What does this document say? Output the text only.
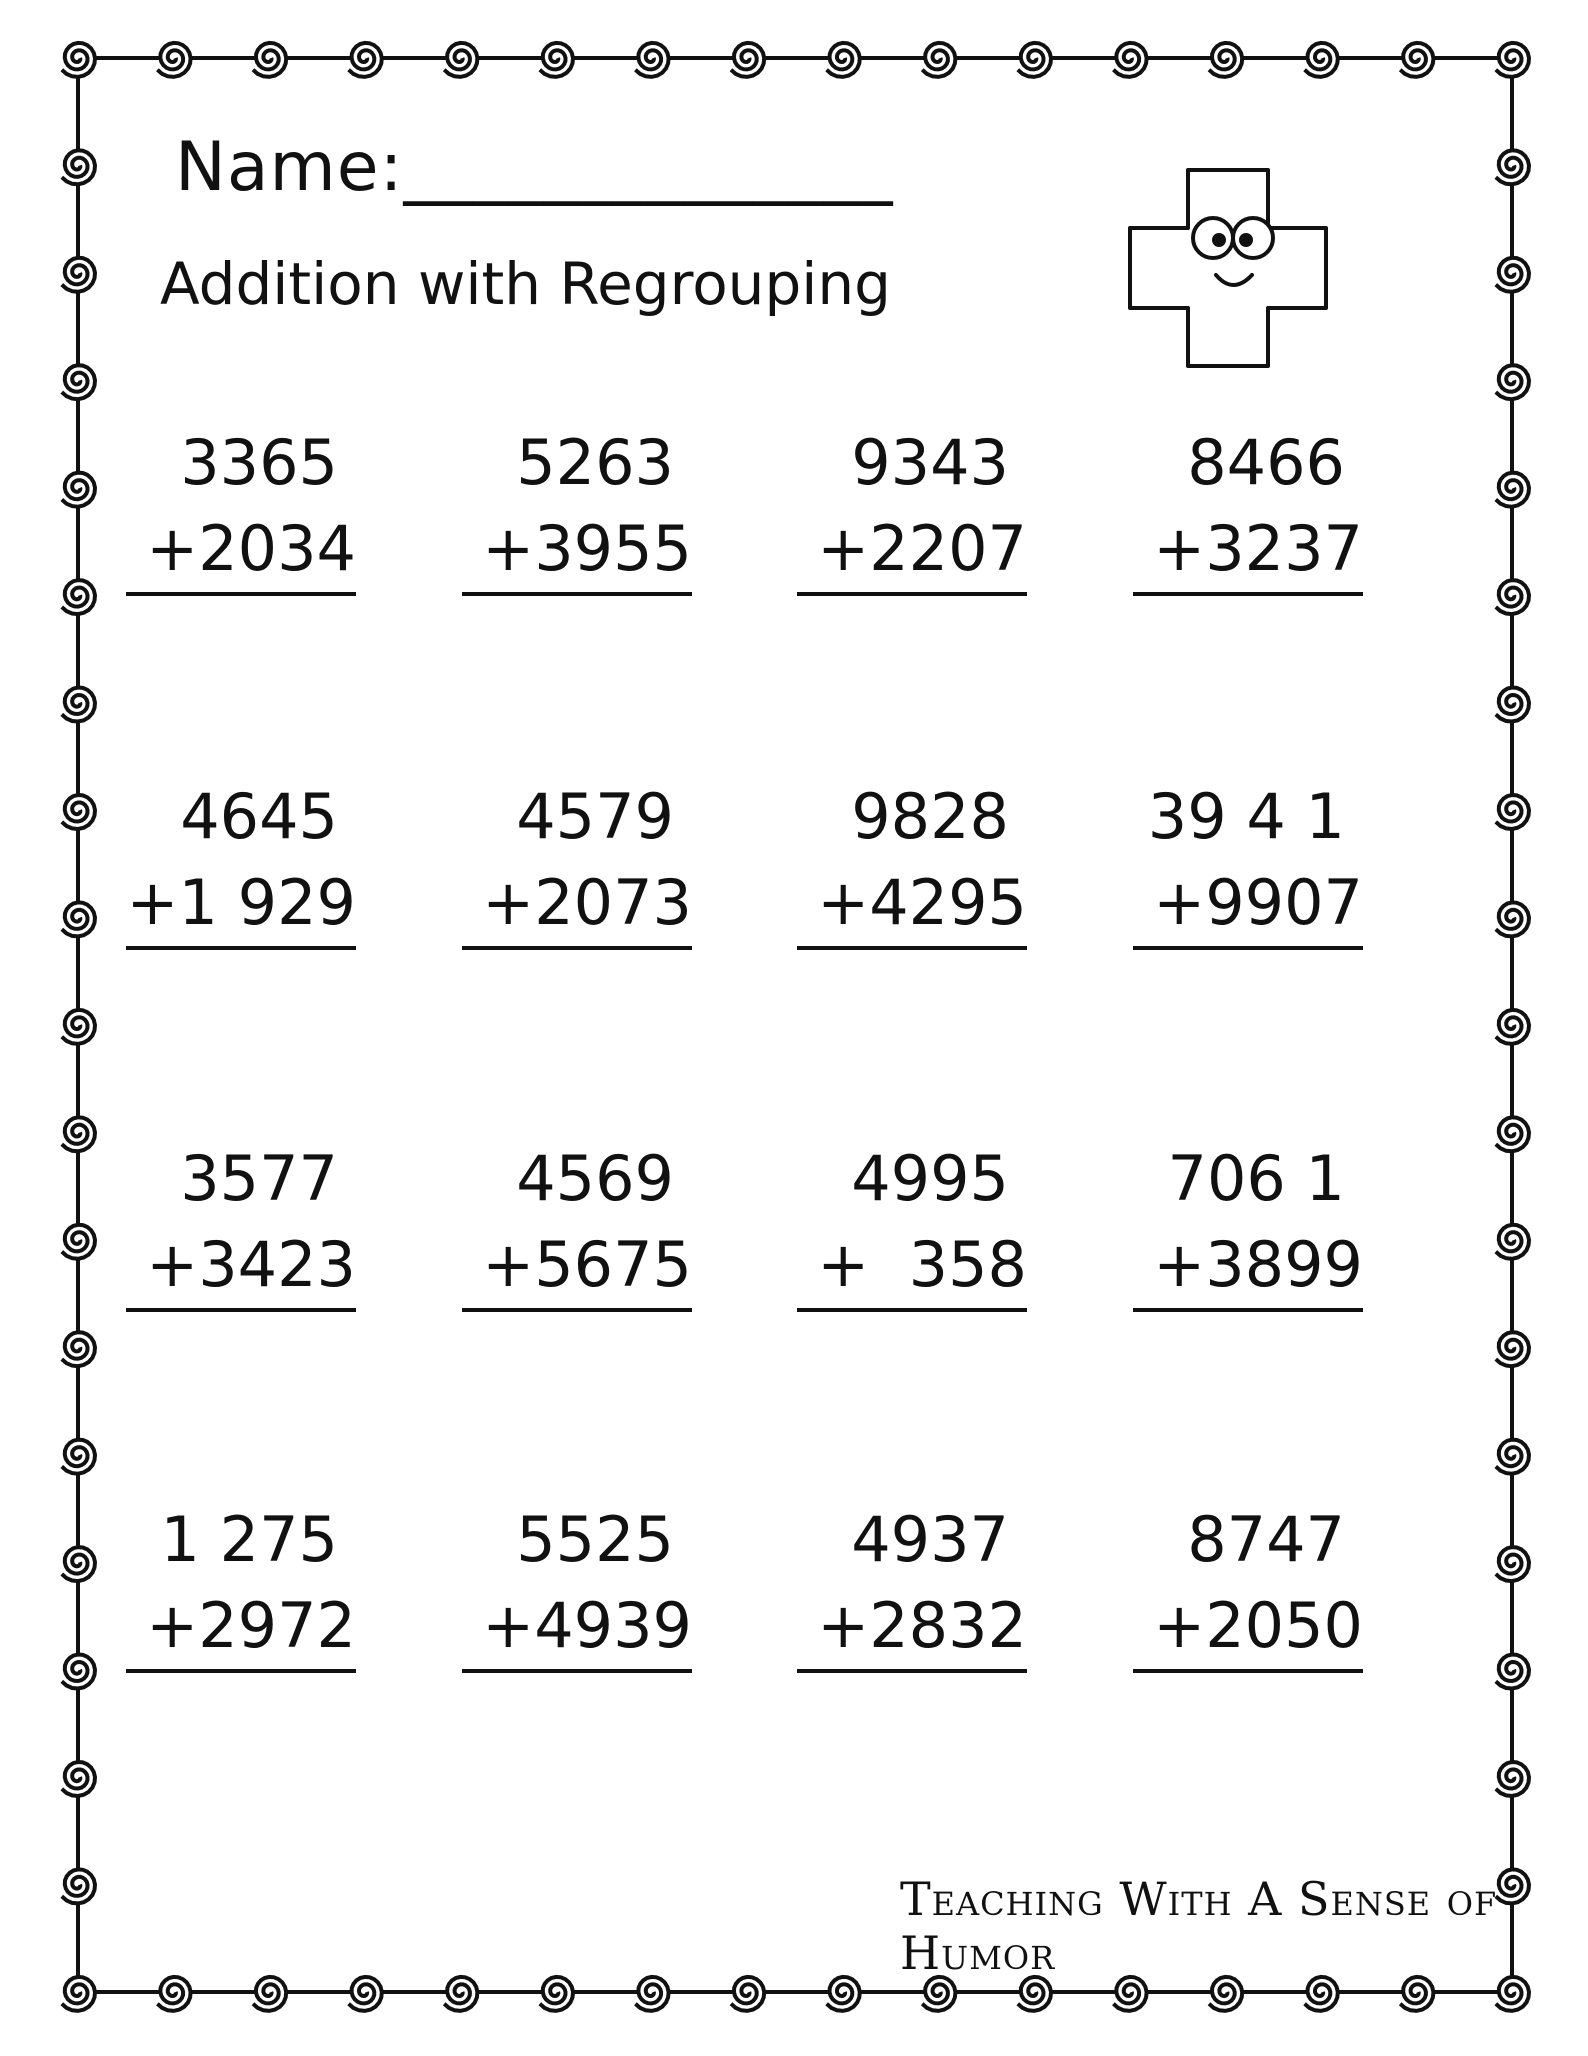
Name:______________
Addition with Regrouping
3365
+2034
5263
+3955
9343
+2207
8466
+3237
4645
+1 929
4579
+2073
9828
+4295
39 4 1
+9907
3577
+3423
4569
+5675
4995
+  358
706 1
+3899
1 275
+2972
5525
+4939
4937
+2832
8747
+2050
Teaching With A Sense of Humor
